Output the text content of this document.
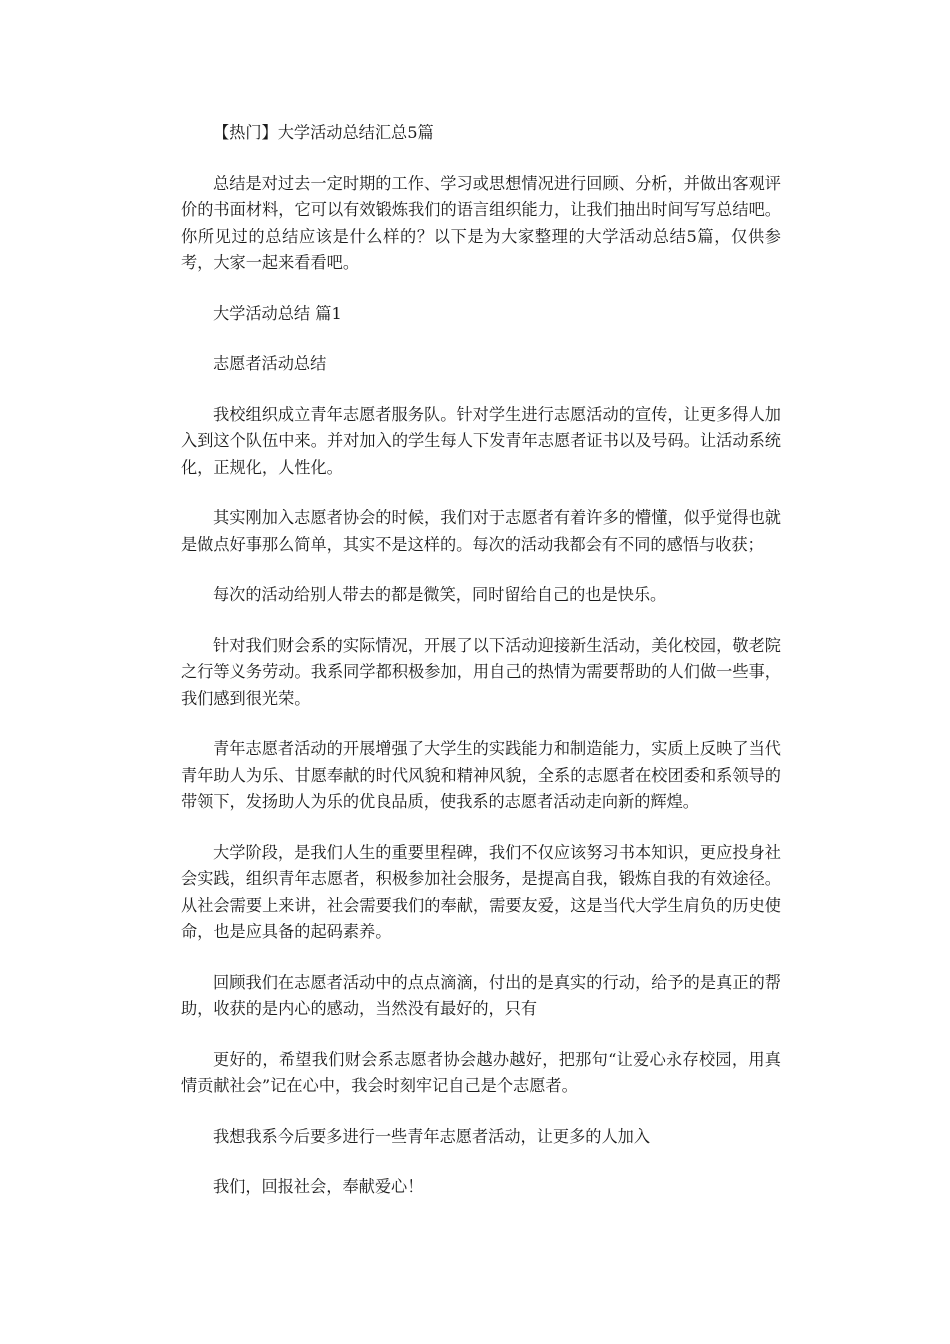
【热门】大学活动总结汇总5篇

总结是对过去一定时期的工作、学习或思想情况进行回顾、分析，并做出客观评价的书面材料，它可以有效锻炼我们的语言组织能力，让我们抽出时间写写总结吧。你所见过的总结应该是什么样的？以下是为大家整理的大学活动总结5篇，仅供参考，大家一起来看看吧。

大学活动总结 篇1

志愿者活动总结

我校组织成立青年志愿者服务队。针对学生进行志愿活动的宣传，让更多得人加入到这个队伍中来。并对加入的学生每人下发青年志愿者证书以及号码。让活动系统化，正规化，人性化。

其实刚加入志愿者协会的时候，我们对于志愿者有着许多的懵懂，似乎觉得也就是做点好事那么简单，其实不是这样的。每次的活动我都会有不同的感悟与收获；

每次的活动给别人带去的都是微笑，同时留给自己的也是快乐。

针对我们财会系的实际情况，开展了以下活动迎接新生活动，美化校园，敬老院之行等义务劳动。我系同学都积极参加，用自己的热情为需要帮助的人们做一些事，我们感到很光荣。

青年志愿者活动的开展增强了大学生的实践能力和制造能力，实质上反映了当代青年助人为乐、甘愿奉献的时代风貌和精神风貌，全系的志愿者在校团委和系领导的带领下，发扬助人为乐的优良品质，使我系的志愿者活动走向新的辉煌。

大学阶段，是我们人生的重要里程碑，我们不仅应该努习书本知识，更应投身社会实践，组织青年志愿者，积极参加社会服务，是提高自我，锻炼自我的有效途径。从社会需要上来讲，社会需要我们的奉献，需要友爱，这是当代大学生肩负的历史使命，也是应具备的起码素养。

回顾我们在志愿者活动中的点点滴滴，付出的是真实的行动，给予的是真正的帮助，收获的是内心的感动，当然没有最好的，只有

更好的，希望我们财会系志愿者协会越办越好，把那句“让爱心永存校园，用真情贡献社会”记在心中，我会时刻牢记自己是个志愿者。

我想我系今后要多进行一些青年志愿者活动，让更多的人加入

我们，回报社会，奉献爱心！
